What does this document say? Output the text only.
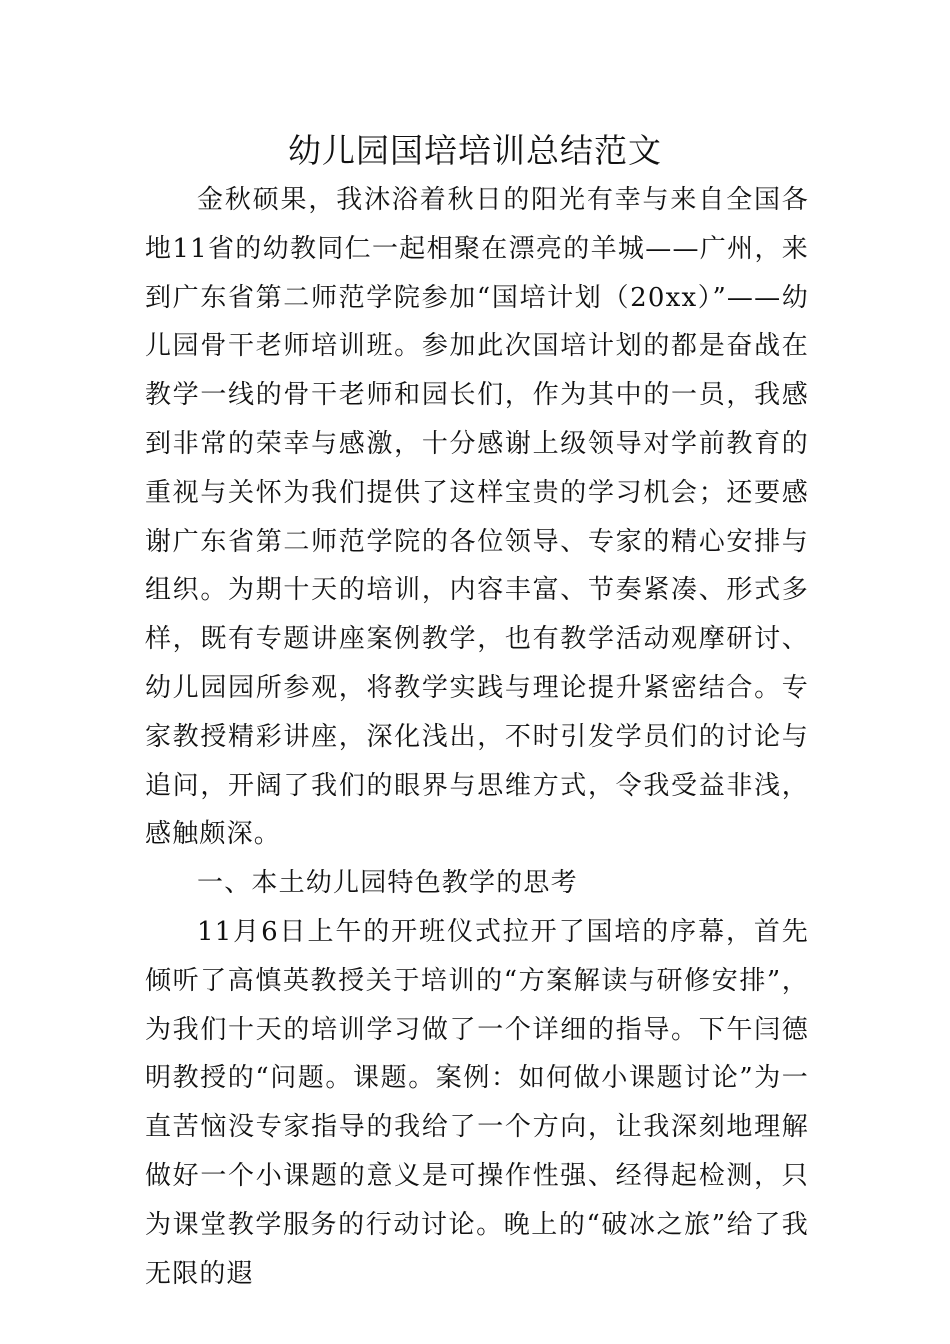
幼儿园国培培训总结范文

金秋硕果，我沐浴着秋日的阳光有幸与来自全国各地11省的幼教同仁一起相聚在漂亮的羊城——广州，来到广东省第二师范学院参加“国培计划（20xx）”——幼儿园骨干老师培训班。参加此次国培计划的都是奋战在教学一线的骨干老师和园长们，作为其中的一员，我感到非常的荣幸与感激，十分感谢上级领导对学前教育的重视与关怀为我们提供了这样宝贵的学习机会；还要感谢广东省第二师范学院的各位领导、专家的精心安排与组织。为期十天的培训，内容丰富、节奏紧凑、形式多样，既有专题讲座案例教学，也有教学活动观摩研讨、幼儿园园所参观，将教学实践与理论提升紧密结合。专家教授精彩讲座，深化浅出，不时引发学员们的讨论与追问，开阔了我们的眼界与思维方式，令我受益非浅，感触颇深。

一、本土幼儿园特色教学的思考

11月6日上午的开班仪式拉开了国培的序幕，首先倾听了高慎英教授关于培训的“方案解读与研修安排”，为我们十天的培训学习做了一个详细的指导。下午闫德明教授的“问题。课题。案例：如何做小课题讨论”为一直苦恼没专家指导的我给了一个方向，让我深刻地理解做好一个小课题的意义是可操作性强、经得起检测，只为课堂教学服务的行动讨论。晚上的“破冰之旅”给了我无限的遐
